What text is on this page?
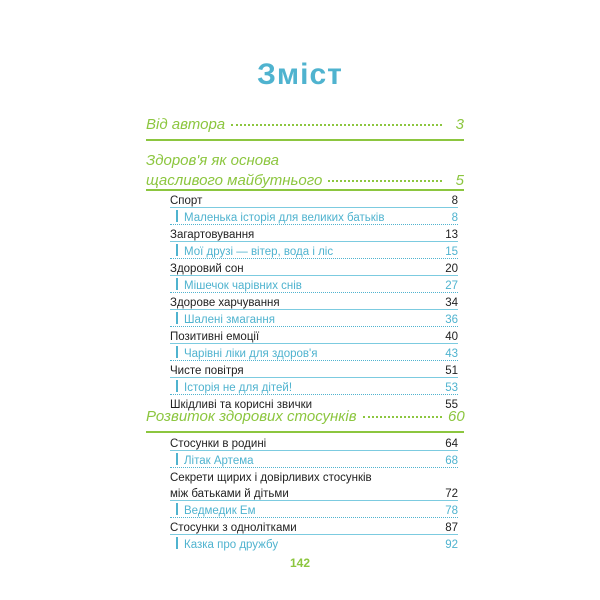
Зміст
Від автора	3
Здоров'я як основа
щасливого майбутнього	5
Спорт	8
Маленька історія для великих батьків	8
Загартовування	13
Мої друзі — вітер, вода і ліс	15
Здоровий сон	20
Мішечок чарівних снів	27
Здорове харчування	34
Шалені змагання	36
Позитивні емоції	40
Чарівні ліки для здоров'я	43
Чисте повітря	51
Історія не для дітей!	53
Шкідливі та корисні звички	55
Розвиток здорових стосунків	60
Стосунки в родині	64
Літак Артема	68
Секрети щирих і довірливих стосунків
між батьками й дітьми	72
Ведмедик Ем	78
Стосунки з однолітками	87
Казка про дружбу	92
142
